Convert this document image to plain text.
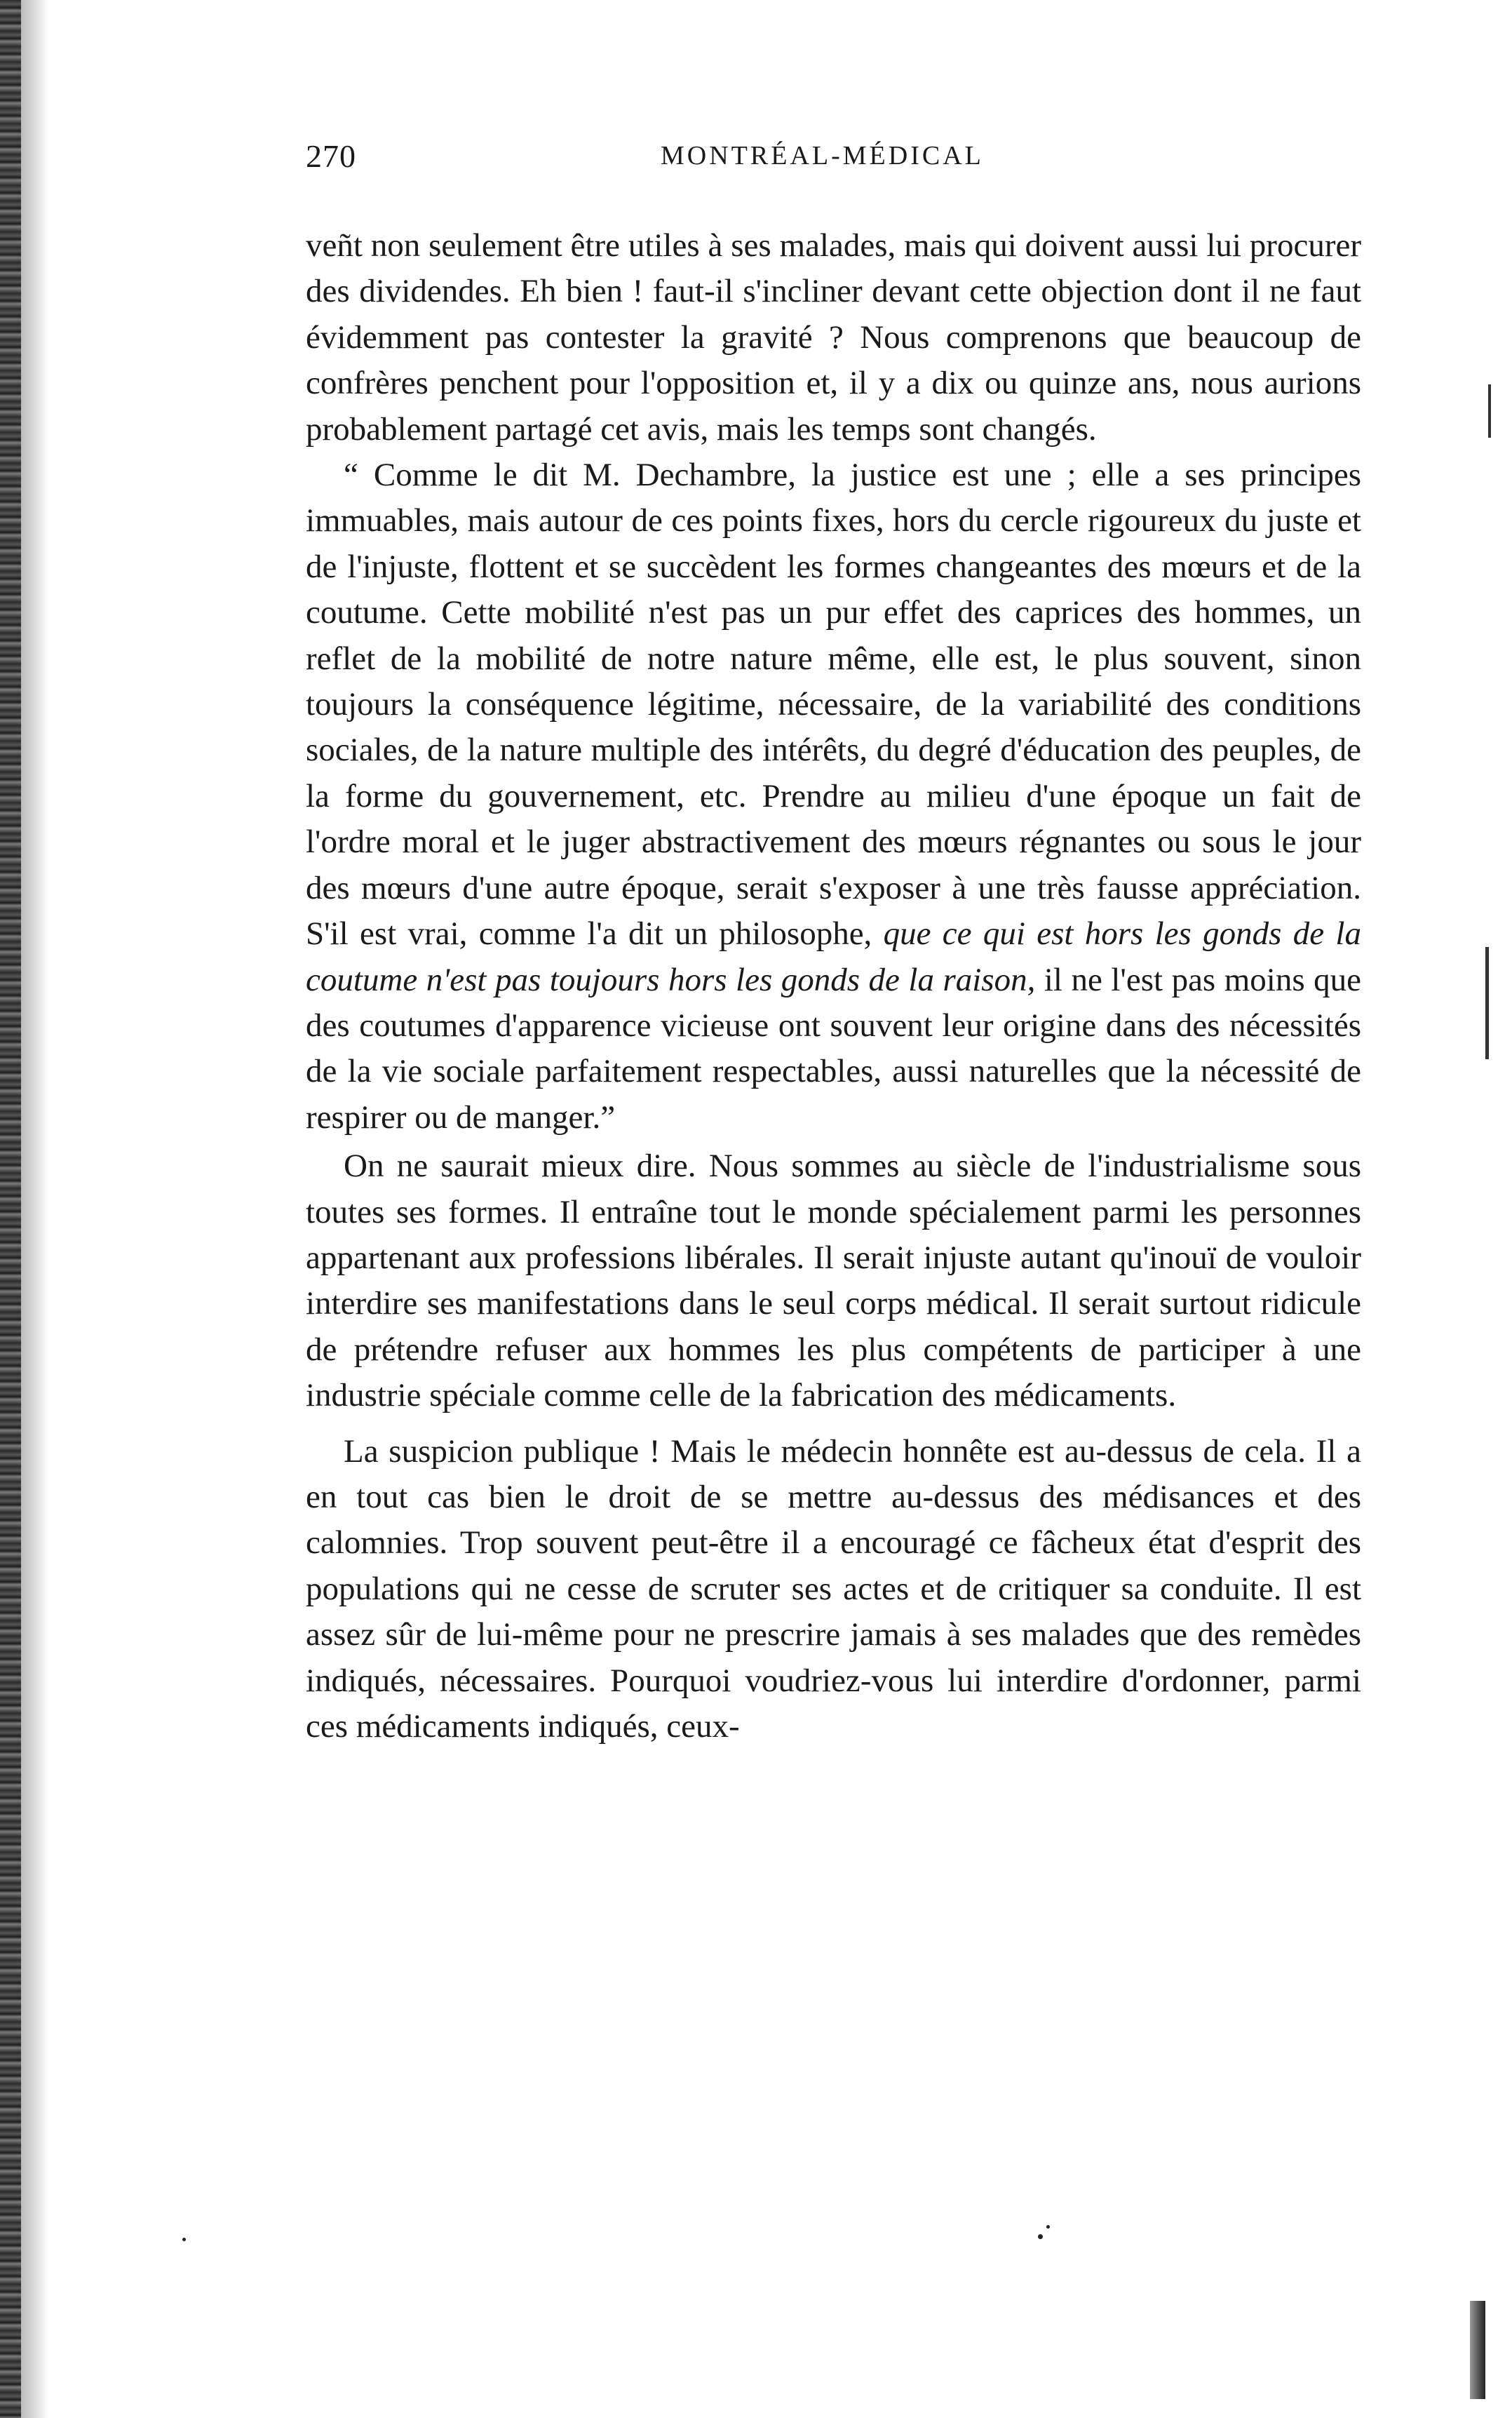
270	MONTRÉAL-MÉDICAL

veñt non seulement être utiles à ses malades, mais qui doivent aussi lui procurer des dividendes. Eh bien ! faut-il s'incliner devant cette objection dont il ne faut évidemment pas contester la gravité ? Nous comprenons que beaucoup de confrères penchent pour l'opposition et, il y a dix ou quinze ans, nous aurions probablement partagé cet avis, mais les temps sont changés.

“ Comme le dit M. Dechambre, la justice est une ; elle a ses principes immuables, mais autour de ces points fixes, hors du cercle rigoureux du juste et de l'injuste, flottent et se succèdent les formes changeantes des mœurs et de la coutume. Cette mobilité n'est pas un pur effet des caprices des hommes, un reflet de la mobilité de notre nature même, elle est, le plus souvent, sinon toujours la conséquence légitime, nécessaire, de la variabilité des conditions sociales, de la nature multiple des intérêts, du degré d'éducation des peuples, de la forme du gouvernement, etc. Prendre au milieu d'une époque un fait de l'ordre moral et le juger abstractivement des mœurs régnantes ou sous le jour des mœurs d'une autre époque, serait s'exposer à une très fausse appréciation. S'il est vrai, comme l'a dit un philosophe, que ce qui est hors les gonds de la coutume n'est pas toujours hors les gonds de la raison, il ne l'est pas moins que des coutumes d'apparence vicieuse ont souvent leur origine dans des nécessités de la vie sociale parfaitement respectables, aussi naturelles que la nécessité de respirer ou de manger.”

On ne saurait mieux dire. Nous sommes au siècle de l'industrialisme sous toutes ses formes. Il entraîne tout le monde spécialement parmi les personnes appartenant aux professions libérales. Il serait injuste autant qu'inouï de vouloir interdire ses manifestations dans le seul corps médical. Il serait surtout ridicule de prétendre refuser aux hommes les plus compétents de participer à une industrie spéciale comme celle de la fabrication des médicaments.

La suspicion publique ! Mais le médecin honnête est au-dessus de cela. Il a en tout cas bien le droit de se mettre au-dessus des médisances et des calomnies. Trop souvent peut-être il a encouragé ce fâcheux état d'esprit des populations qui ne cesse de scruter ses actes et de critiquer sa conduite. Il est assez sûr de lui-même pour ne prescrire jamais à ses malades que des remèdes indiqués, nécessaires. Pourquoi voudriez-vous lui interdire d'ordonner, parmi ces médicaments indiqués, ceux-
